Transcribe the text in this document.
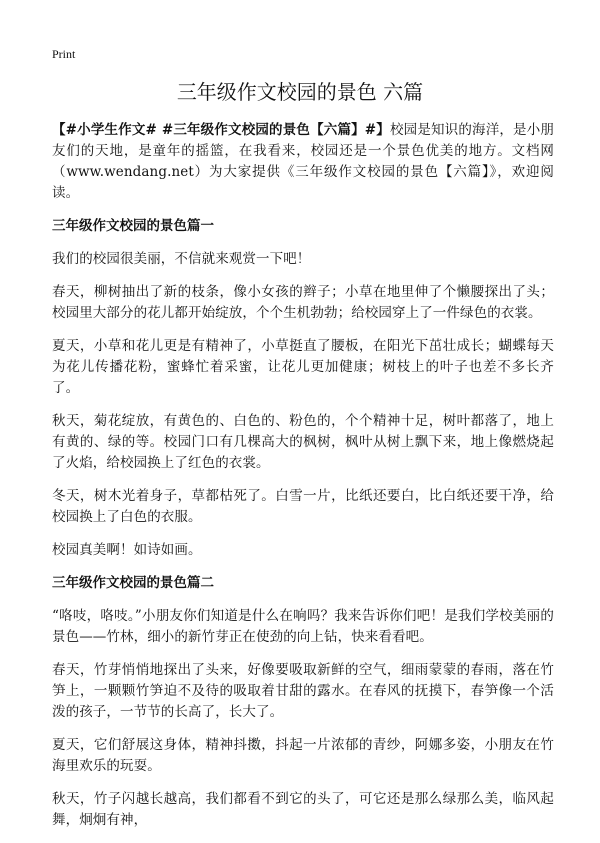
Print
三年级作文校园的景色 六篇

【#小学生作文# #三年级作文校园的景色【六篇】#】校园是知识的海洋，是小朋友们的天地，是童年的摇篮，在我看来，校园还是一个景色优美的地方。文档网（www.wendang.net）为大家提供《三年级作文校园的景色【六篇】》，欢迎阅读。

三年级作文校园的景色篇一

我们的校园很美丽，不信就来观赏一下吧！

春天，柳树抽出了新的枝条，像小女孩的辫子；小草在地里伸了个懒腰探出了头；校园里大部分的花儿都开始绽放，个个生机勃勃；给校园穿上了一件绿色的衣裳。

夏天，小草和花儿更是有精神了，小草挺直了腰板，在阳光下茁壮成长；蝴蝶每天为花儿传播花粉，蜜蜂忙着采蜜，让花儿更加健康；树枝上的叶子也差不多长齐了。

秋天，菊花绽放，有黄色的、白色的、粉色的，个个精神十足，树叶都落了，地上有黄的、绿的等。校园门口有几棵高大的枫树，枫叶从树上飘下来，地上像燃烧起了火焰，给校园换上了红色的衣裳。

冬天，树木光着身子，草都枯死了。白雪一片，比纸还要白，比白纸还要干净，给校园换上了白色的衣服。

校园真美啊！如诗如画。

三年级作文校园的景色篇二

“咯吱，咯吱。”小朋友你们知道是什么在响吗？我来告诉你们吧！是我们学校美丽的景色——竹林，细小的新竹芽正在使劲的向上钻，快来看看吧。

春天，竹芽悄悄地探出了头来，好像要吸取新鲜的空气，细雨蒙蒙的春雨，落在竹笋上，一颗颗竹笋迫不及待的吸取着甘甜的露水。在春风的抚摸下，春笋像一个活泼的孩子，一节节的长高了，长大了。

夏天，它们舒展这身体，精神抖擞，抖起一片浓郁的青纱，阿娜多姿，小朋友在竹海里欢乐的玩耍。

秋天，竹子闪越长越高，我们都看不到它的头了，可它还是那么绿那么美，临风起舞，炯炯有神，
